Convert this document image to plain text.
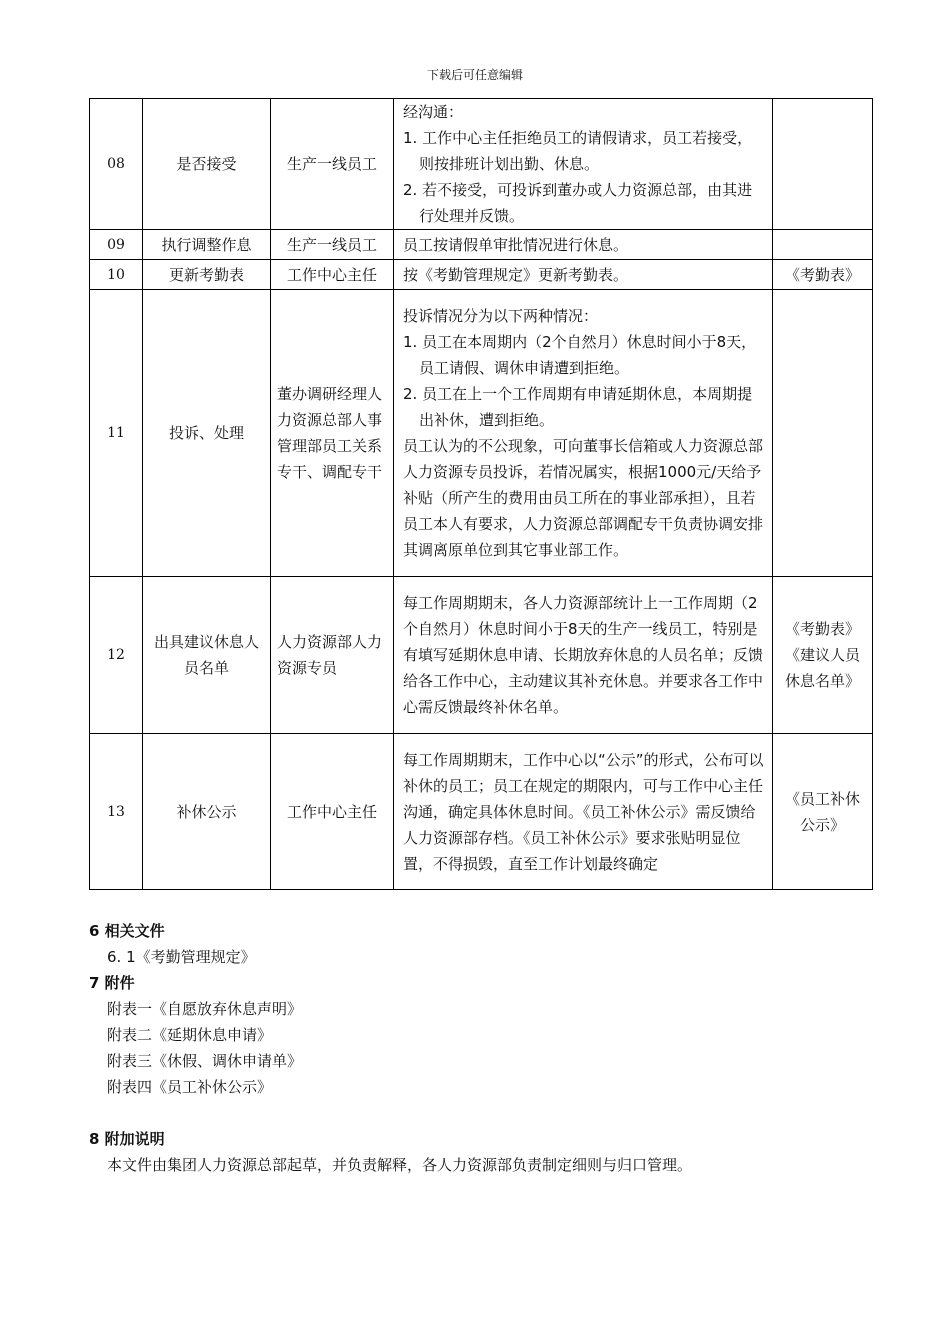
下载后可任意编辑
08	是否接受	生产一线员工	经沟通：
1. 工作中心主任拒绝员工的请假请求，员工若接受，则按排班计划出勤、休息。
2. 若不接受，可投诉到董办或人力资源总部，由其进行处理并反馈。	

09	执行调整作息	生产一线员工	员工按请假单审批情况进行休息。	

10	更新考勤表	工作中心主任	按《考勤管理规定》更新考勤表。	《考勤表》
11	投诉、处理	董办调研经理人力资源总部人事管理部员工关系专干、调配专干	投诉情况分为以下两种情况：
1. 员工在本周期内（2个自然月）休息时间小于8天，员工请假、调休申请遭到拒绝。
2. 员工在上一个工作周期有申请延期休息，本周期提出补休，遭到拒绝。
员工认为的不公现象，可向董事长信箱或人力资源总部人力资源专员投诉，若情况属实，根据1000元/天给予补贴（所产生的费用由员工所在的事业部承担），且若员工本人有要求，人力资源总部调配专干负责协调安排其调离原单位到其它事业部工作。	

12	出具建议休息人员名单	人力资源部人力资源专员	每工作周期期末，各人力资源部统计上一工作周期（2个自然月）休息时间小于8天的生产一线员工，特别是有填写延期休息申请、长期放弃休息的人员名单；反馈给各工作中心，主动建议其补充休息。并要求各工作中心需反馈最终补休名单。	《考勤表》《建议人员休息名单》
13	补休公示	工作中心主任	每工作周期期末，工作中心以“公示”的形式，公布可以补休的员工；员工在规定的期限内，可与工作中心主任沟通，确定具体休息时间。《员工补休公示》需反馈给人力资源部存档。《员工补休公示》要求张贴明显位置，不得损毁，直至工作计划最终确定	《员工补休公示》
6 相关文件
6. 1《考勤管理规定》
7 附件
附表一《自愿放弃休息声明》
附表二《延期休息申请》
附表三《休假、调休申请单》
附表四《员工补休公示》
8 附加说明
本文件由集团人力资源总部起草，并负责解释，各人力资源部负责制定细则与归口管理。
